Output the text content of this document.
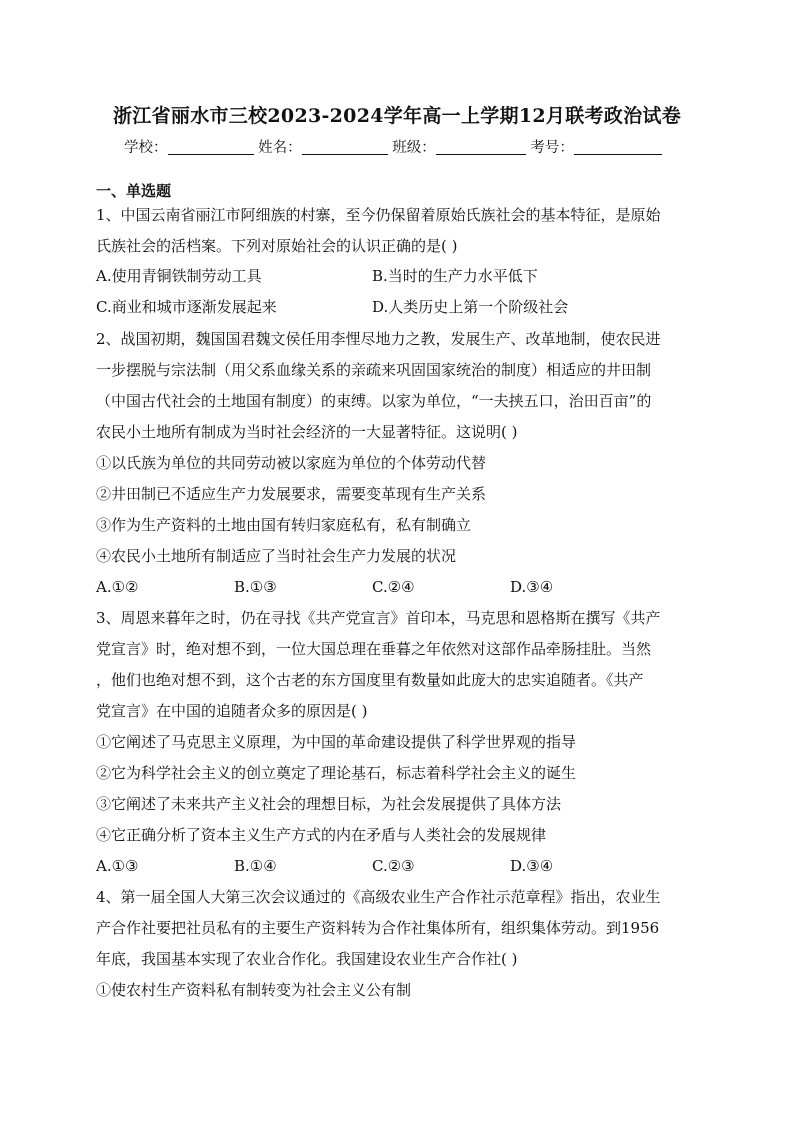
浙江省丽水市三校2023-2024学年高一上学期12月联考政治试卷
学校：	姓名：	班级：	考号：
一、单选题
1、中国云南省丽江市阿细族的村寨，至今仍保留着原始氏族社会的基本特征，是原始
氏族社会的活档案。下列对原始社会的认识正确的是( )
A.使用青铜铁制劳动工具	B.当时的生产力水平低下
C.商业和城市逐渐发展起来	D.人类历史上第一个阶级社会
2、战国初期，魏国国君魏文侯任用李悝尽地力之教，发展生产、改革地制，使农民进
一步摆脱与宗法制（用父系血缘关系的亲疏来巩固国家统治的制度）相适应的井田制
（中国古代社会的土地国有制度）的束缚。以家为单位，“一夫挟五口，治田百亩”的
农民小土地所有制成为当时社会经济的一大显著特征。这说明( )
①以氏族为单位的共同劳动被以家庭为单位的个体劳动代替
②井田制已不适应生产力发展要求，需要变革现有生产关系
③作为生产资料的土地由国有转归家庭私有，私有制确立
④农民小土地所有制适应了当时社会生产力发展的状况
A.①②	B.①③	C.②④	D.③④
3、周恩来暮年之时，仍在寻找《共产党宣言》首印本，马克思和恩格斯在撰写《共产
党宣言》时，绝对想不到，一位大国总理在垂暮之年依然对这部作品牵肠挂肚。当然
，他们也绝对想不到，这个古老的东方国度里有数量如此庞大的忠实追随者。《共产
党宣言》在中国的追随者众多的原因是( )
①它阐述了马克思主义原理，为中国的革命建设提供了科学世界观的指导
②它为科学社会主义的创立奠定了理论基石，标志着科学社会主义的诞生
③它阐述了未来共产主义社会的理想目标，为社会发展提供了具体方法
④它正确分析了资本主义生产方式的内在矛盾与人类社会的发展规律
A.①③	B.①④	C.②③	D.③④
4、第一届全国人大第三次会议通过的《高级农业生产合作社示范章程》指出，农业生
产合作社要把社员私有的主要生产资料转为合作社集体所有，组织集体劳动。到1956
年底，我国基本实现了农业合作化。我国建设农业生产合作社( )
①使农村生产资料私有制转变为社会主义公有制
